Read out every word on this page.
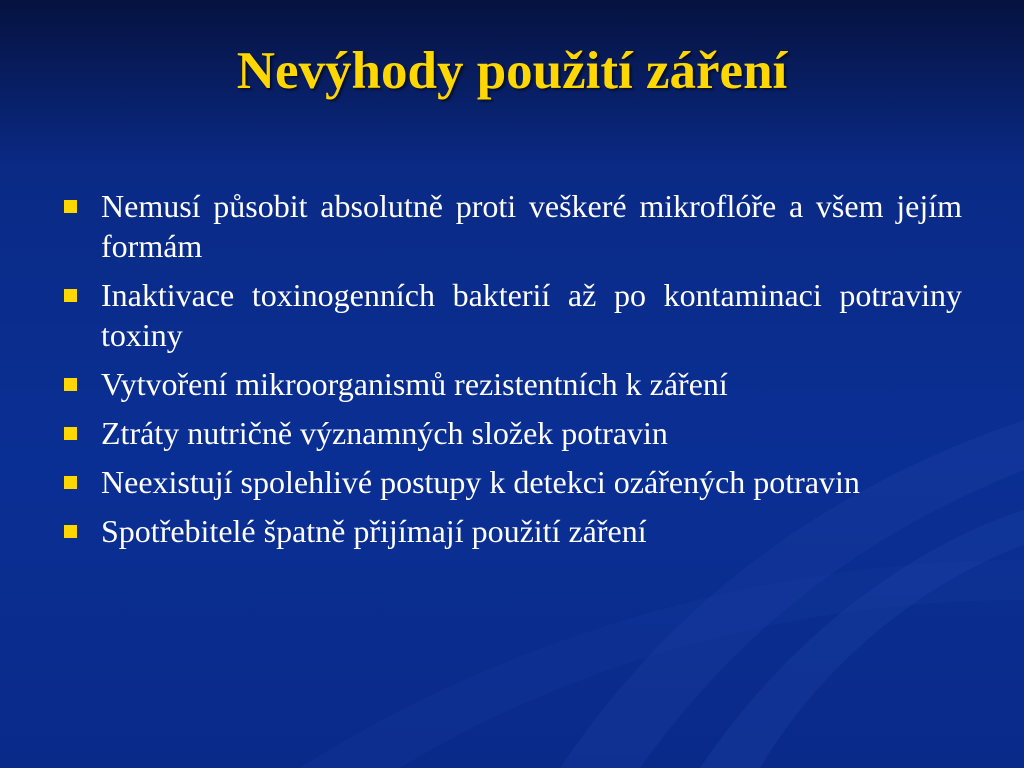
Nevýhody použití záření
Nemusí působit absolutně proti veškeré mikroflóře a všem jejím formám
Inaktivace toxinogenních bakterií až po kontaminaci potraviny toxiny
Vytvoření mikroorganismů rezistentních k záření
Ztráty nutričně významných složek potravin
Neexistují spolehlivé postupy k detekci ozářených potravin
Spotřebitelé špatně přijímají použití záření
